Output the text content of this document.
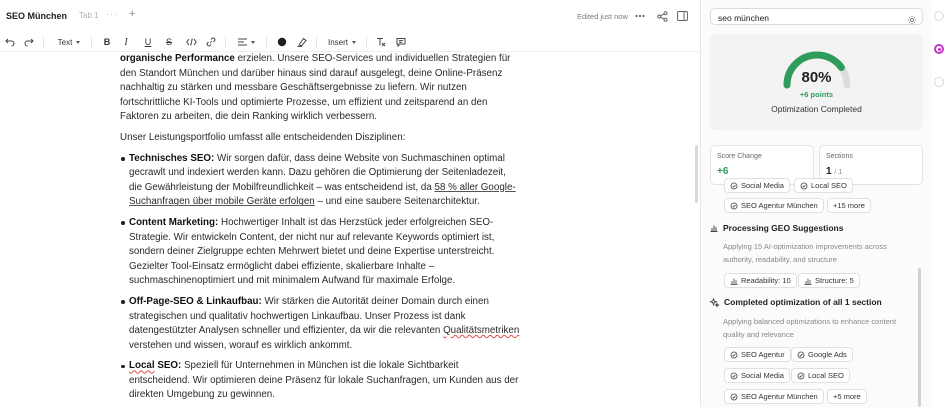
SEO München Tab 1 ··· +	Edited just now
Text	B	I	U	S	Insert

organische Performance erzielen. Unsere SEO-Services und individuellen Strategien für den Standort München und darüber hinaus sind darauf ausgelegt, deine Online-Präsenz nachhaltig zu stärken und messbare Geschäftsergebnisse zu liefern. Wir nutzen fortschrittliche KI-Tools und optimierte Prozesse, um effizient und zeitsparend an den Faktoren zu arbeiten, die dein Ranking wirklich verbessern.

Unser Leistungsportfolio umfasst alle entscheidenden Disziplinen:

Technisches SEO: Wir sorgen dafür, dass deine Website von Suchmaschinen optimal gecrawlt und indexiert werden kann. Dazu gehören die Optimierung der Seitenladezeit, die Gewährleistung der Mobilfreundlichkeit – was entscheidend ist, da 58 % aller Google-Suchanfragen über mobile Geräte erfolgen – und eine saubere Seitenarchitektur.
Content Marketing: Hochwertiger Inhalt ist das Herzstück jeder erfolgreichen SEO-Strategie. Wir entwickeln Content, der nicht nur auf relevante Keywords optimiert ist, sondern deiner Zielgruppe echten Mehrwert bietet und deine Expertise unterstreicht. Gezielter Tool-Einsatz ermöglicht dabei effiziente, skalierbare Inhalte – suchmaschinenoptimiert und mit minimalem Aufwand für maximale Erfolge.
Off-Page-SEO & Linkaufbau: Wir stärken die Autorität deiner Domain durch einen strategischen und qualitativ hochwertigen Linkaufbau. Unser Prozess ist dank datengestützter Analysen schneller und effizienter, da wir die relevanten Qualitätsmetriken verstehen und wissen, worauf es wirklich ankommt.
Local SEO: Speziell für Unternehmen in München ist die lokale Sichtbarkeit entscheidend. Wir optimieren deine Präsenz für lokale Suchanfragen, um Kunden aus der direkten Umgebung zu gewinnen.
seo münchen
80%
+6 points
Optimization Completed
Score Change
+6
Sections
1 / 1
Social Media	Local SEO
SEO Agentur München +15 more
Processing GEO Suggestions
Applying 15 AI-optimization improvements across authority, readability, and structure
Readability: 10	Structure: 5
Completed optimization of all 1 section
Applying balanced optimizations to enhance content quality and relevance
SEO Agentur	Google Ads
Social Media	Local SEO
SEO Agentur München +5 more
